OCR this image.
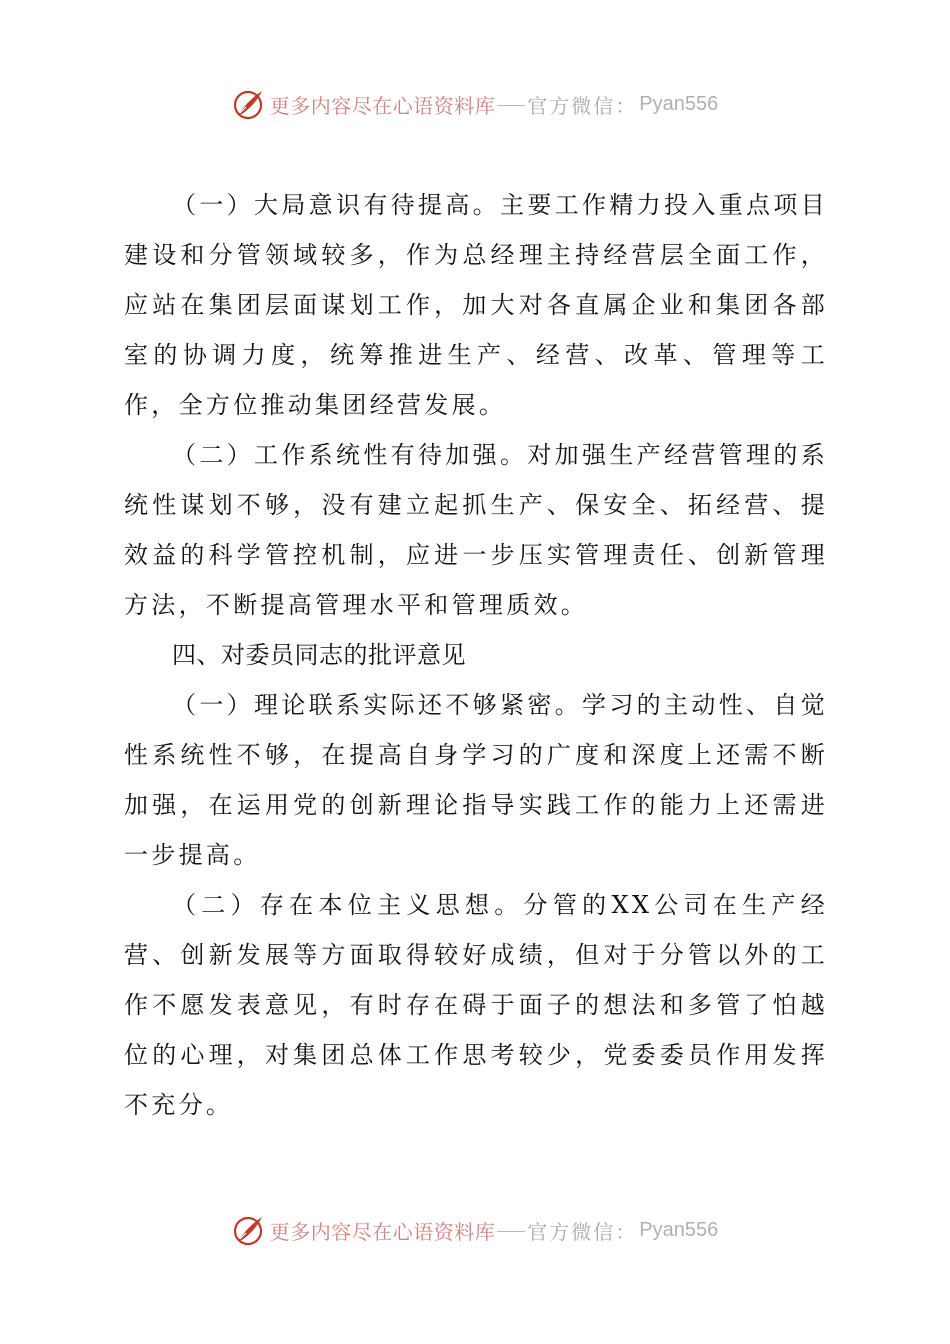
更多内容尽在心语资料库 官方微信： Pyan556

（一）大局意识有待提高。主要工作精力投入重点项目建设和分管领域较多，作为总经理主持经营层全面工作，应站在集团层面谋划工作，加大对各直属企业和集团各部室的协调力度，统筹推进生产、经营、改革、管理等工作，全方位推动集团经营发展。

（二）工作系统性有待加强。对加强生产经营管理的系统性谋划不够，没有建立起抓生产、保安全、拓经营、提效益的科学管控机制，应进一步压实管理责任、创新管理方法，不断提高管理水平和管理质效。

四、对委员同志的批评意见

（一）理论联系实际还不够紧密。学习的主动性、自觉性系统性不够，在提高自身学习的广度和深度上还需不断加强，在运用党的创新理论指导实践工作的能力上还需进一步提高。

（二）存在本位主义思想。分管的XX公司在生产经营、创新发展等方面取得较好成绩，但对于分管以外的工作不愿发表意见，有时存在碍于面子的想法和多管了怕越位的心理，对集团总体工作思考较少，党委委员作用发挥不充分。

更多内容尽在心语资料库 官方微信： Pyan556
